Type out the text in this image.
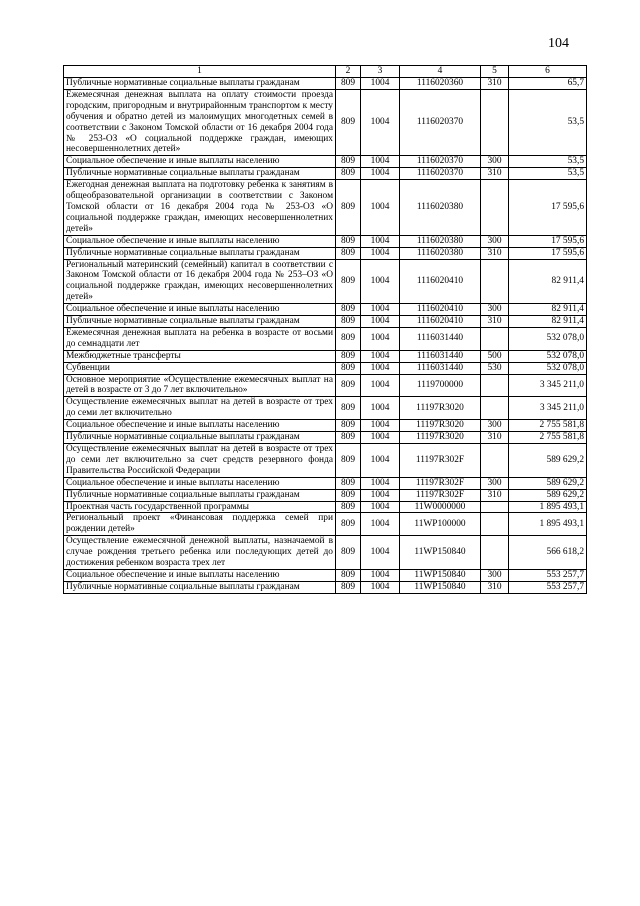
104
1	2	3	4	5	6
Публичные нормативные социальные выплаты гражданам	809	1004	1116020360	310	65,7
Ежемесячная денежная выплата на оплату стоимости проезда городским, пригородным и внутрирайонным транспортом к месту обучения и обратно детей из малоимущих многодетных семей в соответствии с Законом Томской области от 16 декабря 2004 года № 253-ОЗ «О социальной поддержке граждан, имеющих несовершеннолетних детей»	809	1004	1116020370		53,5
Социальное обеспечение и иные выплаты населению	809	1004	1116020370	300	53,5
Публичные нормативные социальные выплаты гражданам	809	1004	1116020370	310	53,5
Ежегодная денежная выплата на подготовку ребенка к занятиям в общеобразовательной организации в соответствии с Законом Томской области от 16 декабря 2004 года № 253-ОЗ «О социальной поддержке граждан, имеющих несовершеннолетних детей»	809	1004	1116020380		17 595,6
Социальное обеспечение и иные выплаты населению	809	1004	1116020380	300	17 595,6
Публичные нормативные социальные выплаты гражданам	809	1004	1116020380	310	17 595,6
Региональный материнский (семейный) капитал в соответствии с Законом Томской области от 16 декабря 2004 года № 253–ОЗ «О социальной поддержке граждан, имеющих несовершеннолетних детей»	809	1004	1116020410		82 911,4
Социальное обеспечение и иные выплаты населению	809	1004	1116020410	300	82 911,4
Публичные нормативные социальные выплаты гражданам	809	1004	1116020410	310	82 911,4
Ежемесячная денежная выплата на ребенка в возрасте от восьми до семнадцати лет	809	1004	1116031440		532 078,0
Межбюджетные трансферты	809	1004	1116031440	500	532 078,0
Субвенции	809	1004	1116031440	530	532 078,0
Основное мероприятие «Осуществление ежемесячных выплат на детей в возрасте от 3 до 7 лет включительно»	809	1004	1119700000		3 345 211,0
Осуществление ежемесячных выплат на детей в возрасте от трех до семи лет включительно	809	1004	11197R3020		3 345 211,0
Социальное обеспечение и иные выплаты населению	809	1004	11197R3020	300	2 755 581,8
Публичные нормативные социальные выплаты гражданам	809	1004	11197R3020	310	2 755 581,8
Осуществление ежемесячных выплат на детей в возрасте от трех до семи лет включительно за счет средств резервного фонда Правительства Российской Федерации	809	1004	11197R302F		589 629,2
Социальное обеспечение и иные выплаты населению	809	1004	11197R302F	300	589 629,2
Публичные нормативные социальные выплаты гражданам	809	1004	11197R302F	310	589 629,2
Проектная часть государственной программы	809	1004	11W0000000		1 895 493,1
Региональный проект «Финансовая поддержка семей при рождении детей»	809	1004	11WP100000		1 895 493,1
Осуществление ежемесячной денежной выплаты, назначаемой в случае рождения третьего ребенка или последующих детей до достижения ребенком возраста трех лет	809	1004	11WP150840		566 618,2
Социальное обеспечение и иные выплаты населению	809	1004	11WP150840	300	553 257,7
Публичные нормативные социальные выплаты гражданам	809	1004	11WP150840	310	553 257,7
